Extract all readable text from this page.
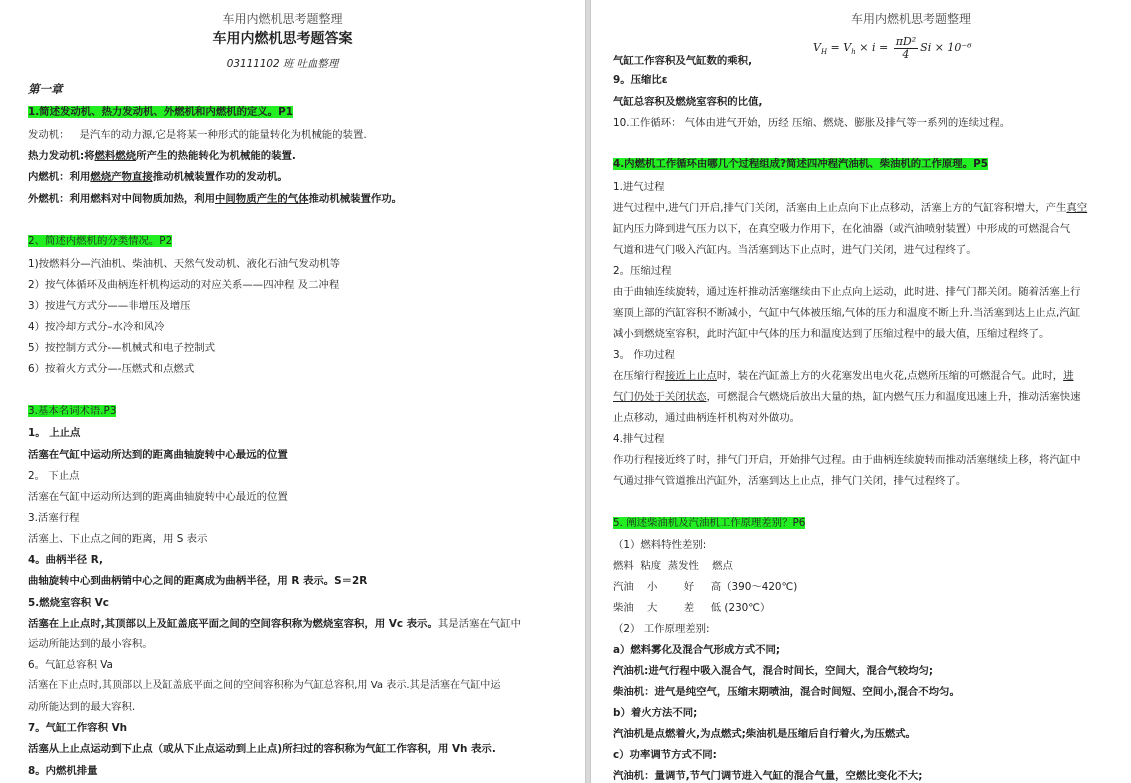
车用内燃机思考题整理
车用内燃机思考题答案
03111102 班 吐血整理
第一章
1.简述发动机、热力发动机、外燃机和内燃机的定义。P1
发动机： 是汽车的动力源,它是将某一种形式的能量转化为机械能的装置.
热力发动机:将燃料燃烧所产生的热能转化为机械能的装置.
内燃机：利用燃烧产物直接推动机械装置作功的发动机。
外燃机：利用燃料对中间物质加热，利用中间物质产生的气体推动机械装置作功。
2、简述内燃机的分类情况。P2
1)按燃料分—汽油机、柴油机、天然气发动机、液化石油气发动机等
2）按气体循环及曲柄连杆机构运动的对应关系——四冲程 及二冲程
3）按进气方式分——非增压及增压
4）按冷却方式分–水冷和风冷
5）按控制方式分-—机械式和电子控制式
6）按着火方式分—-压燃式和点燃式
3.基本名词术语.P3
1。 上止点
活塞在气缸中运动所达到的距离曲轴旋转中心最远的位置
2。 下止点
活塞在气缸中运动所达到的距离曲轴旋转中心最近的位置
3.活塞行程
活塞上、下止点之间的距离，用 S 表示
4。曲柄半径 R,
曲轴旋转中心到曲柄销中心之间的距离成为曲柄半径，用 R 表示。S＝2R
5.燃烧室容积 Vc
活塞在上止点时,其顶部以上及缸盖底平面之间的空间容积称为燃烧室容积，用 Vc 表示。其是活塞在气缸中
运动所能达到的最小容积。
6。气缸总容积 Va
活塞在下止点时,其顶部以上及缸盖底平面之间的空间容积称为气缸总容积,用 Va 表示.其是活塞在气缸中运
动所能达到的最大容积.
7。气缸工作容积 Vh
活塞从上止点运动到下止点（或从下止点运动到上止点)所扫过的容积称为气缸工作容积，用 Vh 表示.
8。内燃机排量
车用内燃机思考题整理
$V_H = V_h \times i = \frac{\text{πD²}}{4}$ Si × 10⁻⁶
气缸工作容积及气缸数的乘积,
9。压缩比ε
气缸总容积及燃烧室容积的比值,
10.工作循环： 气体由进气开始，历经 压缩、燃烧、膨胀及排气等一系列的连续过程。
4.内燃机工作循环由哪几个过程组成?简述四冲程汽油机、柴油机的工作原理。P5
1.进气过程
进气过程中,进气门开启,排气门关闭，活塞由上止点向下止点移动，活塞上方的气缸容积增大，产生真空
缸内压力降到进气压力以下，在真空吸力作用下，在化油器（或汽油喷射装置）中形成的可燃混合气
气道和进气门吸入汽缸内。当活塞到达下止点时，进气门关闭，进气过程终了。
2。压缩过程
由于曲轴连续旋转，通过连杆推动活塞继续由下止点向上运动，此时进、排气门都关闭。随着活塞上行
塞顶上部的汽缸容积不断减小，气缸中气体被压缩,气体的压力和温度不断上升.当活塞到达上止点,汽缸
减小到燃烧室容积，此时汽缸中气体的压力和温度达到了压缩过程中的最大值，压缩过程终了。
3。 作功过程
在压缩行程接近上止点时，装在汽缸盖上方的火花塞发出电火花,点燃所压缩的可燃混合气。此时，进
气门仍处于关闭状态，可燃混合气燃烧后放出大量的热，缸内燃气压力和温度迅速上升，推动活塞快速
止点移动，通过曲柄连杆机构对外做功。
4.排气过程
作功行程接近终了时，排气门开启，开始排气过程。由于曲柄连续旋转而推动活塞继续上移，将汽缸中
气通过排气管道推出汽缸外，活塞到达上止点，排气门关闭，排气过程终了。
5. 阐述柴油机及汽油机工作原理差别？P6
（1）燃料特性差别:
燃料  粘度  蒸发性    燃点
汽油    小        好     高（390～420℃)
柴油    大        差     低 (230℃）
（2） 工作原理差别:
a）燃料雾化及混合气形成方式不同;
汽油机:进气行程中吸入混合气，混合时间长，空间大，混合气较均匀;
柴油机：进气是纯空气，压缩末期喷油，混合时间短、空间小,混合不均匀。
b）着火方法不同;
汽油机是点燃着火,为点燃式;柴油机是压缩后自行着火,为压燃式。
c）功率调节方式不同:
汽油机：量调节,节气门调节进入气缸的混合气量，空燃比变化不大;
